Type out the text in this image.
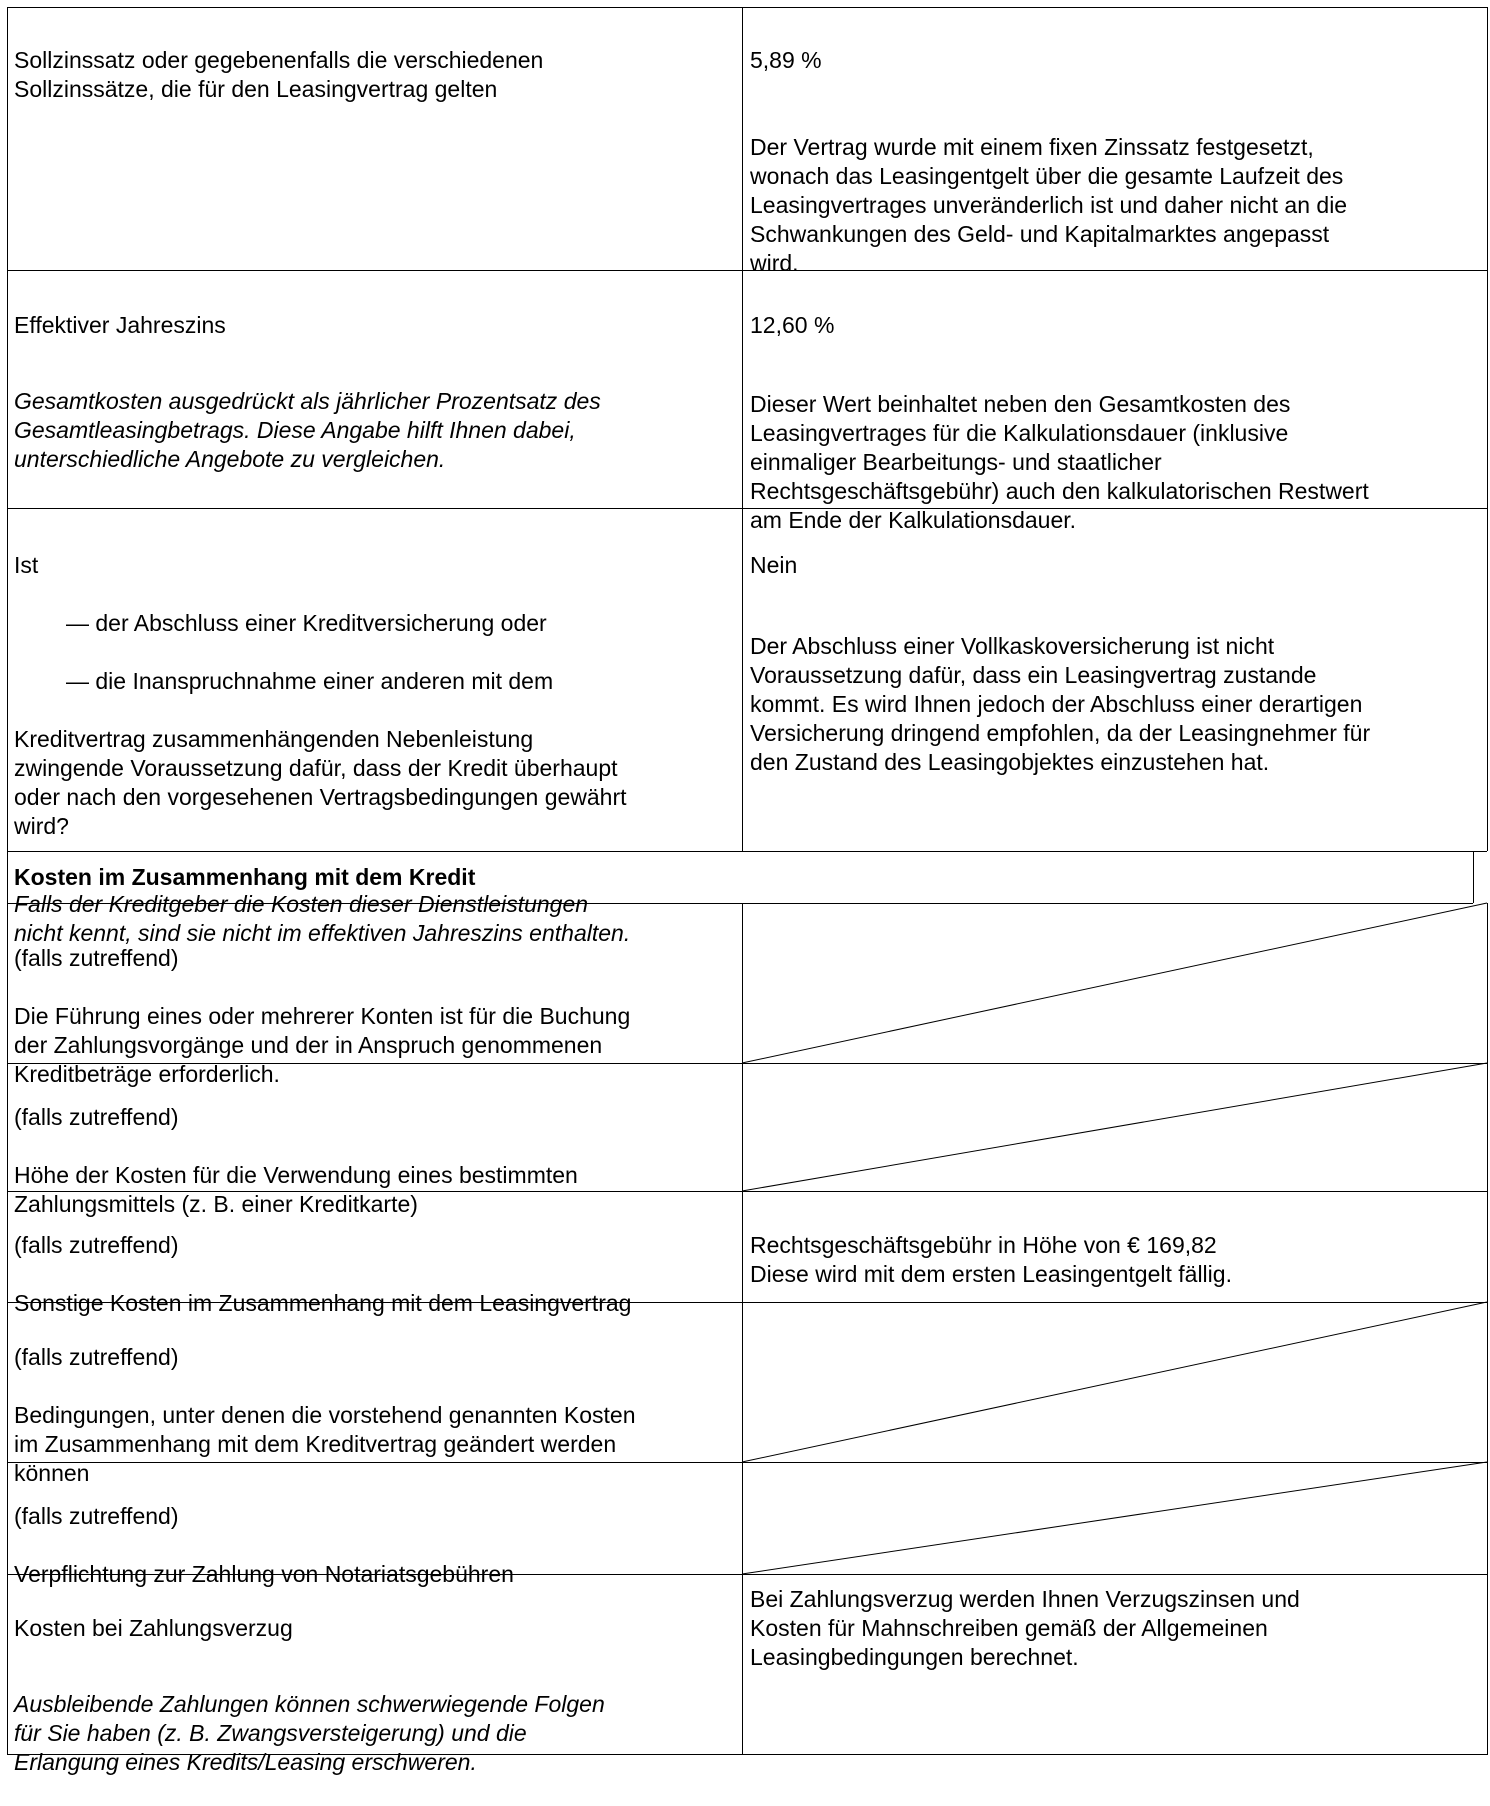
Sollzinssatz oder gegebenenfalls die verschiedenen
Sollzinssätze, die für den Leasingvertrag gelten

5,89 %

Der Vertrag wurde mit einem fixen Zinssatz festgesetzt,
wonach das Leasingentgelt über die gesamte Laufzeit des
Leasingvertrages unveränderlich ist und daher nicht an die
Schwankungen des Geld- und Kapitalmarktes angepasst
wird.

Effektiver Jahreszins

Gesamtkosten ausgedrückt als jährlicher Prozentsatz des
Gesamtleasingbetrags. Diese Angabe hilft Ihnen dabei,
unterschiedliche Angebote zu vergleichen.

12,60 %

Dieser Wert beinhaltet neben den Gesamtkosten des
Leasingvertrages für die Kalkulationsdauer (inklusive
einmaliger Bearbeitungs- und staatlicher
Rechtsgeschäftsgebühr) auch den kalkulatorischen Restwert
am Ende der Kalkulationsdauer.

Ist

— der Abschluss einer Kreditversicherung oder

— die Inanspruchnahme einer anderen mit dem

Kreditvertrag zusammenhängenden Nebenleistung
zwingende Voraussetzung dafür, dass der Kredit überhaupt
oder nach den vorgesehenen Vertragsbedingungen gewährt
wird?

Falls der Kreditgeber die Kosten dieser Dienstleistungen
nicht kennt, sind sie nicht im effektiven Jahreszins enthalten.

Nein

Der Abschluss einer Vollkaskoversicherung ist nicht
Voraussetzung dafür, dass ein Leasingvertrag zustande
kommt. Es wird Ihnen jedoch der Abschluss einer derartigen
Versicherung dringend empfohlen, da der Leasingnehmer für
den Zustand des Leasingobjektes einzustehen hat.

Kosten im Zusammenhang mit dem Kredit

(falls zutreffend)

Die Führung eines oder mehrerer Konten ist für die Buchung
der Zahlungsvorgänge und der in Anspruch genommenen
Kreditbeträge erforderlich.

(falls zutreffend)

Höhe der Kosten für die Verwendung eines bestimmten
Zahlungsmittels (z. B. einer Kreditkarte)

(falls zutreffend)

Sonstige Kosten im Zusammenhang mit dem Leasingvertrag

Rechtsgeschäftsgebühr in Höhe von € 169,82
Diese wird mit dem ersten Leasingentgelt fällig.

(falls zutreffend)

Bedingungen, unter denen die vorstehend genannten Kosten
im Zusammenhang mit dem Kreditvertrag geändert werden
können

(falls zutreffend)

Verpflichtung zur Zahlung von Notariatsgebühren

Kosten bei Zahlungsverzug

Ausbleibende Zahlungen können schwerwiegende Folgen
für Sie haben (z. B. Zwangsversteigerung) und die
Erlangung eines Kredits/Leasing erschweren.

Bei Zahlungsverzug werden Ihnen Verzugszinsen und
Kosten für Mahnschreiben gemäß der Allgemeinen
Leasingbedingungen berechnet.
